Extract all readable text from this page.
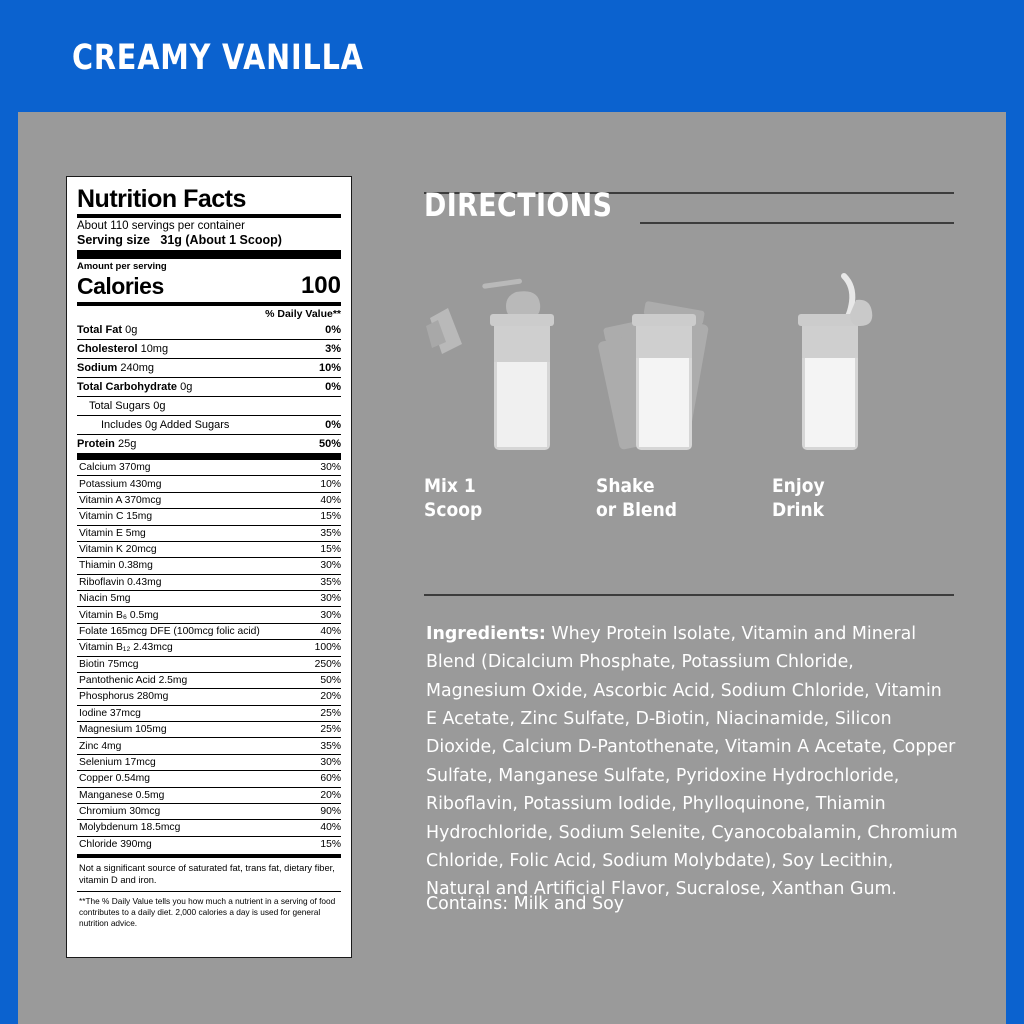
CREAMY VANILLA
Nutrition Facts
About 110 servings per container
Serving size 31g (About 1 Scoop)
Amount per serving
Calories	100
% Daily Value**
Total Fat 0g	0%
Cholesterol 10mg	3%
Sodium 240mg	10%
Total Carbohydrate 0g	0%
Total Sugars 0g
Includes 0g Added Sugars	0%
Protein 25g	50%
Calcium 370mg	30%
Potassium 430mg	10%
Vitamin A 370mcg	40%
Vitamin C 15mg	15%
Vitamin E 5mg	35%
Vitamin K 20mcg	15%
Thiamin 0.38mg	30%
Riboflavin 0.43mg	35%
Niacin 5mg	30%
Vitamin B₆ 0.5mg	30%
Folate 165mcg DFE (100mcg folic acid)	40%
Vitamin B₁₂ 2.43mcg	100%
Biotin 75mcg	250%
Pantothenic Acid 2.5mg	50%
Phosphorus 280mg	20%
Iodine 37mcg	25%
Magnesium 105mg	25%
Zinc 4mg	35%
Selenium 17mcg	30%
Copper 0.54mg	60%
Manganese 0.5mg	20%
Chromium 30mcg	90%
Molybdenum 18.5mcg	40%
Chloride 390mg	15%
Not a significant source of saturated fat, trans fat, dietary fiber, vitamin D and iron.
**The % Daily Value tells you how much a nutrient in a serving of food contributes to a daily diet. 2,000 calories a day is used for general nutrition advice.
DIRECTIONS
Mix 1
Scoop
Shake
or Blend
Enjoy
Drink
Ingredients: Whey Protein Isolate, Vitamin and Mineral Blend (Dicalcium Phosphate, Potassium Chloride, Magnesium Oxide, Ascorbic Acid, Sodium Chloride, Vitamin E Acetate, Zinc Sulfate, D-Biotin, Niacinamide, Silicon Dioxide, Calcium D-Pantothenate, Vitamin A Acetate, Copper Sulfate, Manganese Sulfate, Pyridoxine Hydrochloride, Riboflavin, Potassium Iodide, Phylloquinone, Thiamin Hydrochloride, Sodium Selenite, Cyanocobalamin, Chromium Chloride, Folic Acid, Sodium Molybdate), Soy Lecithin, Natural and Artificial Flavor, Sucralose, Xanthan Gum.
Contains: Milk and Soy
